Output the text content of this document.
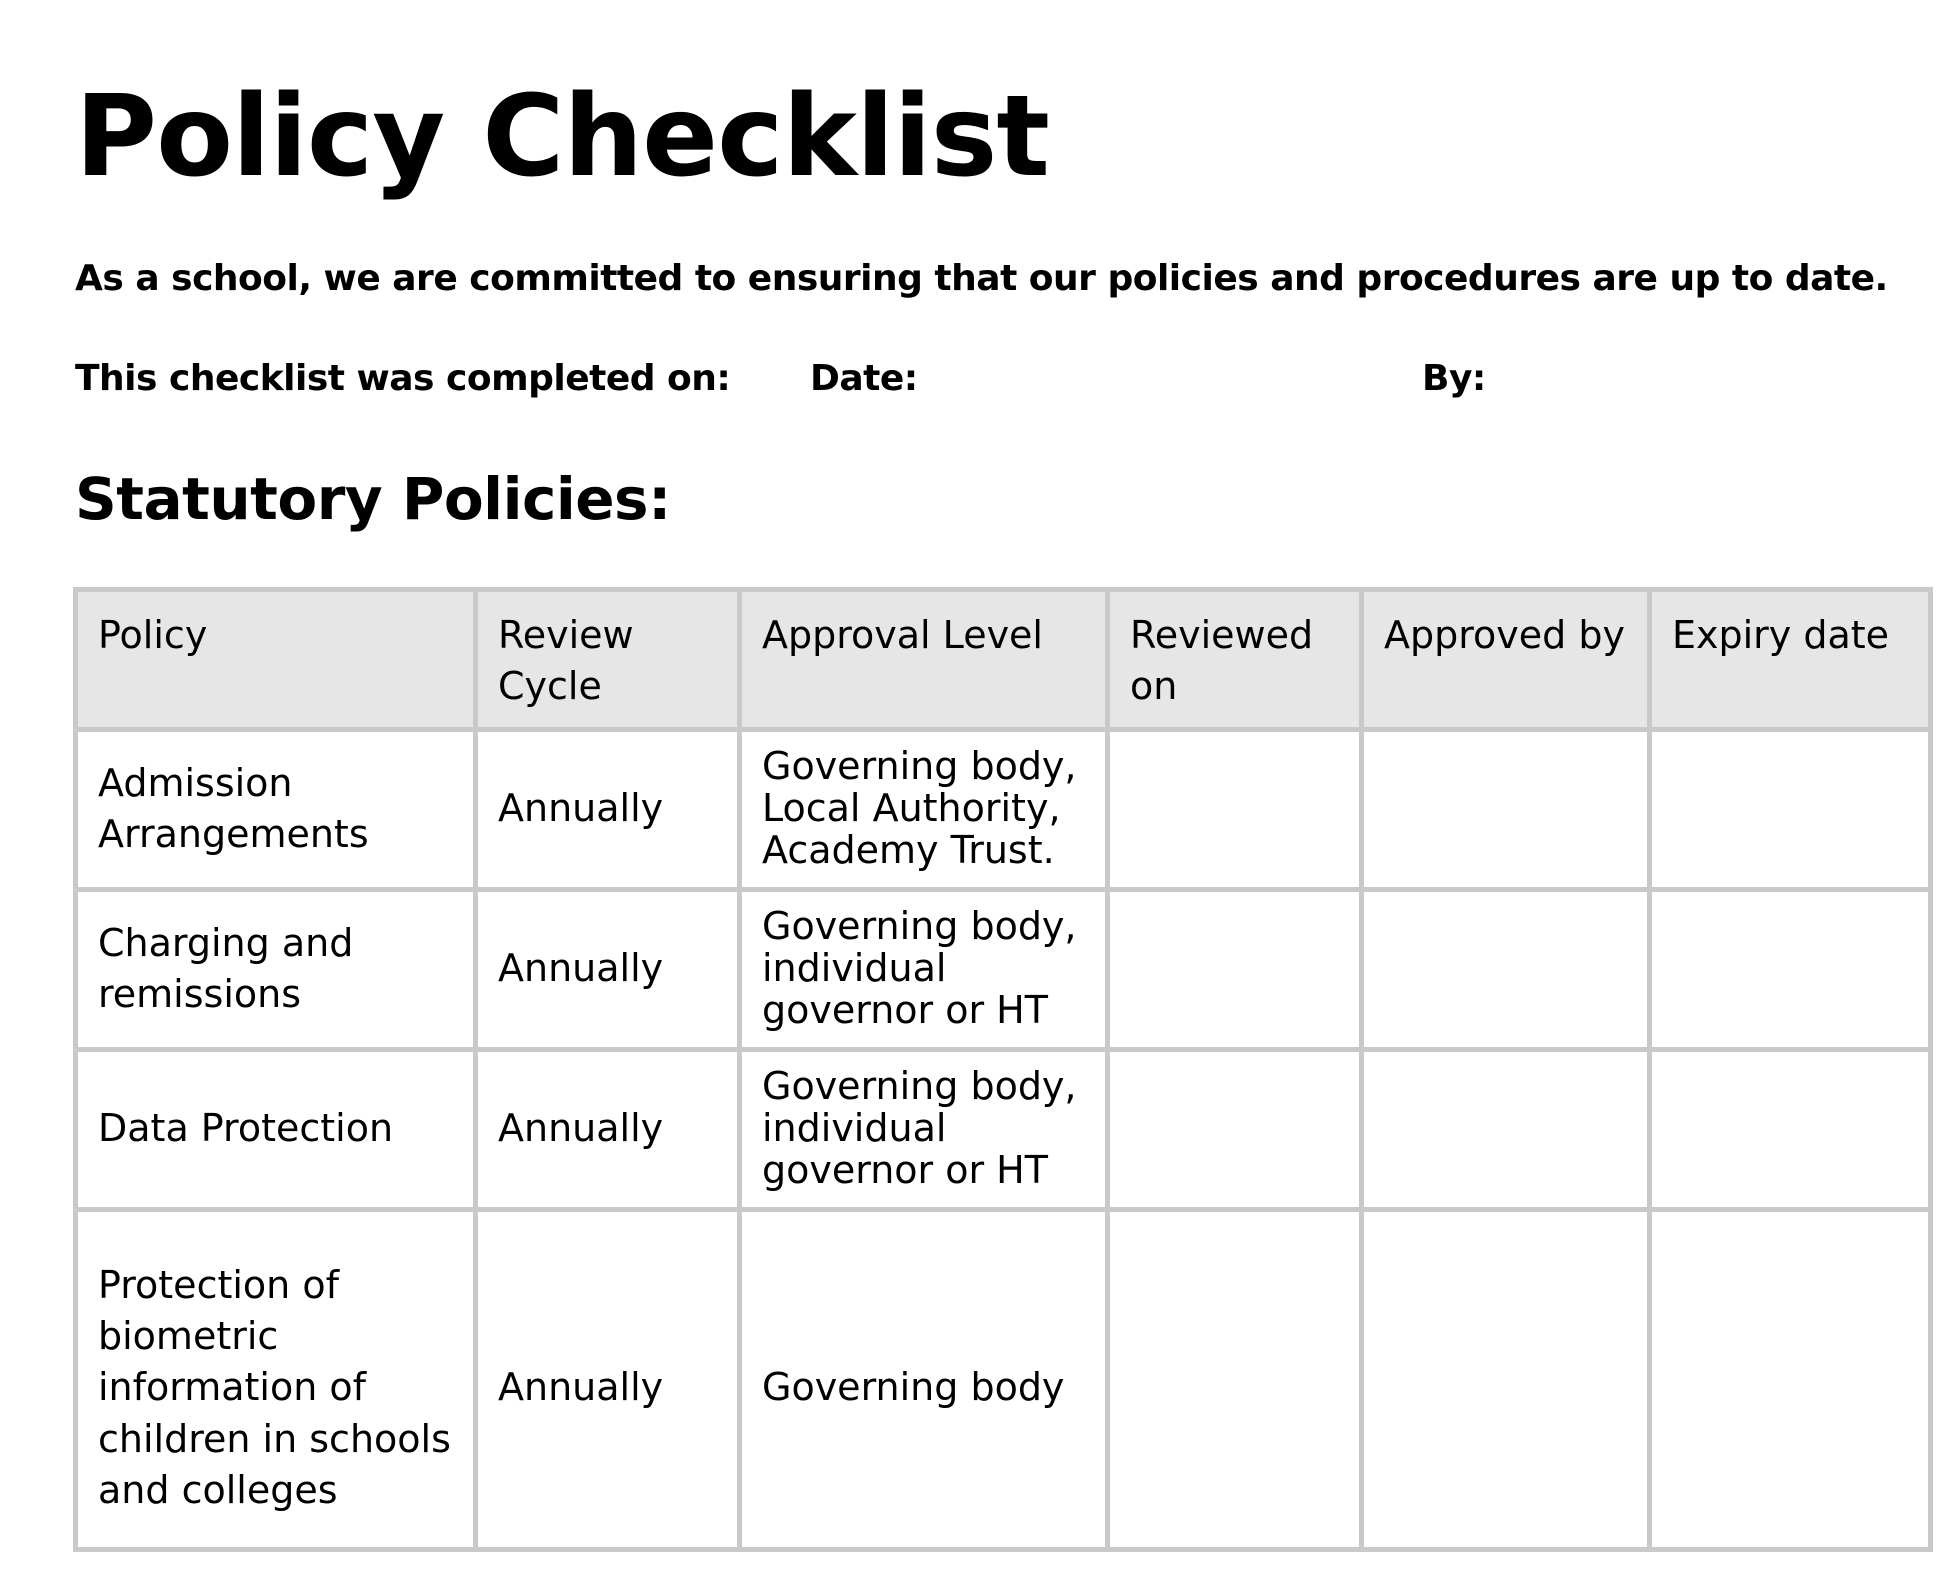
Policy Checklist

As a school, we are committed to ensuring that our policies and procedures are up to date.

This checklist was completed on: Date:	By:
Statutory Policies:
Policy	Review Cycle	Approval Level	Reviewed on	Approved by	Expiry date
Admission Arrangements	Annually	Governing body,
Local Authority,
Academy Trust.			
Charging and remissions	Annually	Governing body,
individual
governor or HT			
Data Protection	Annually	Governing body,
individual
governor or HT			
Protection of biometric information of children in schools and colleges	Annually	Governing body			
